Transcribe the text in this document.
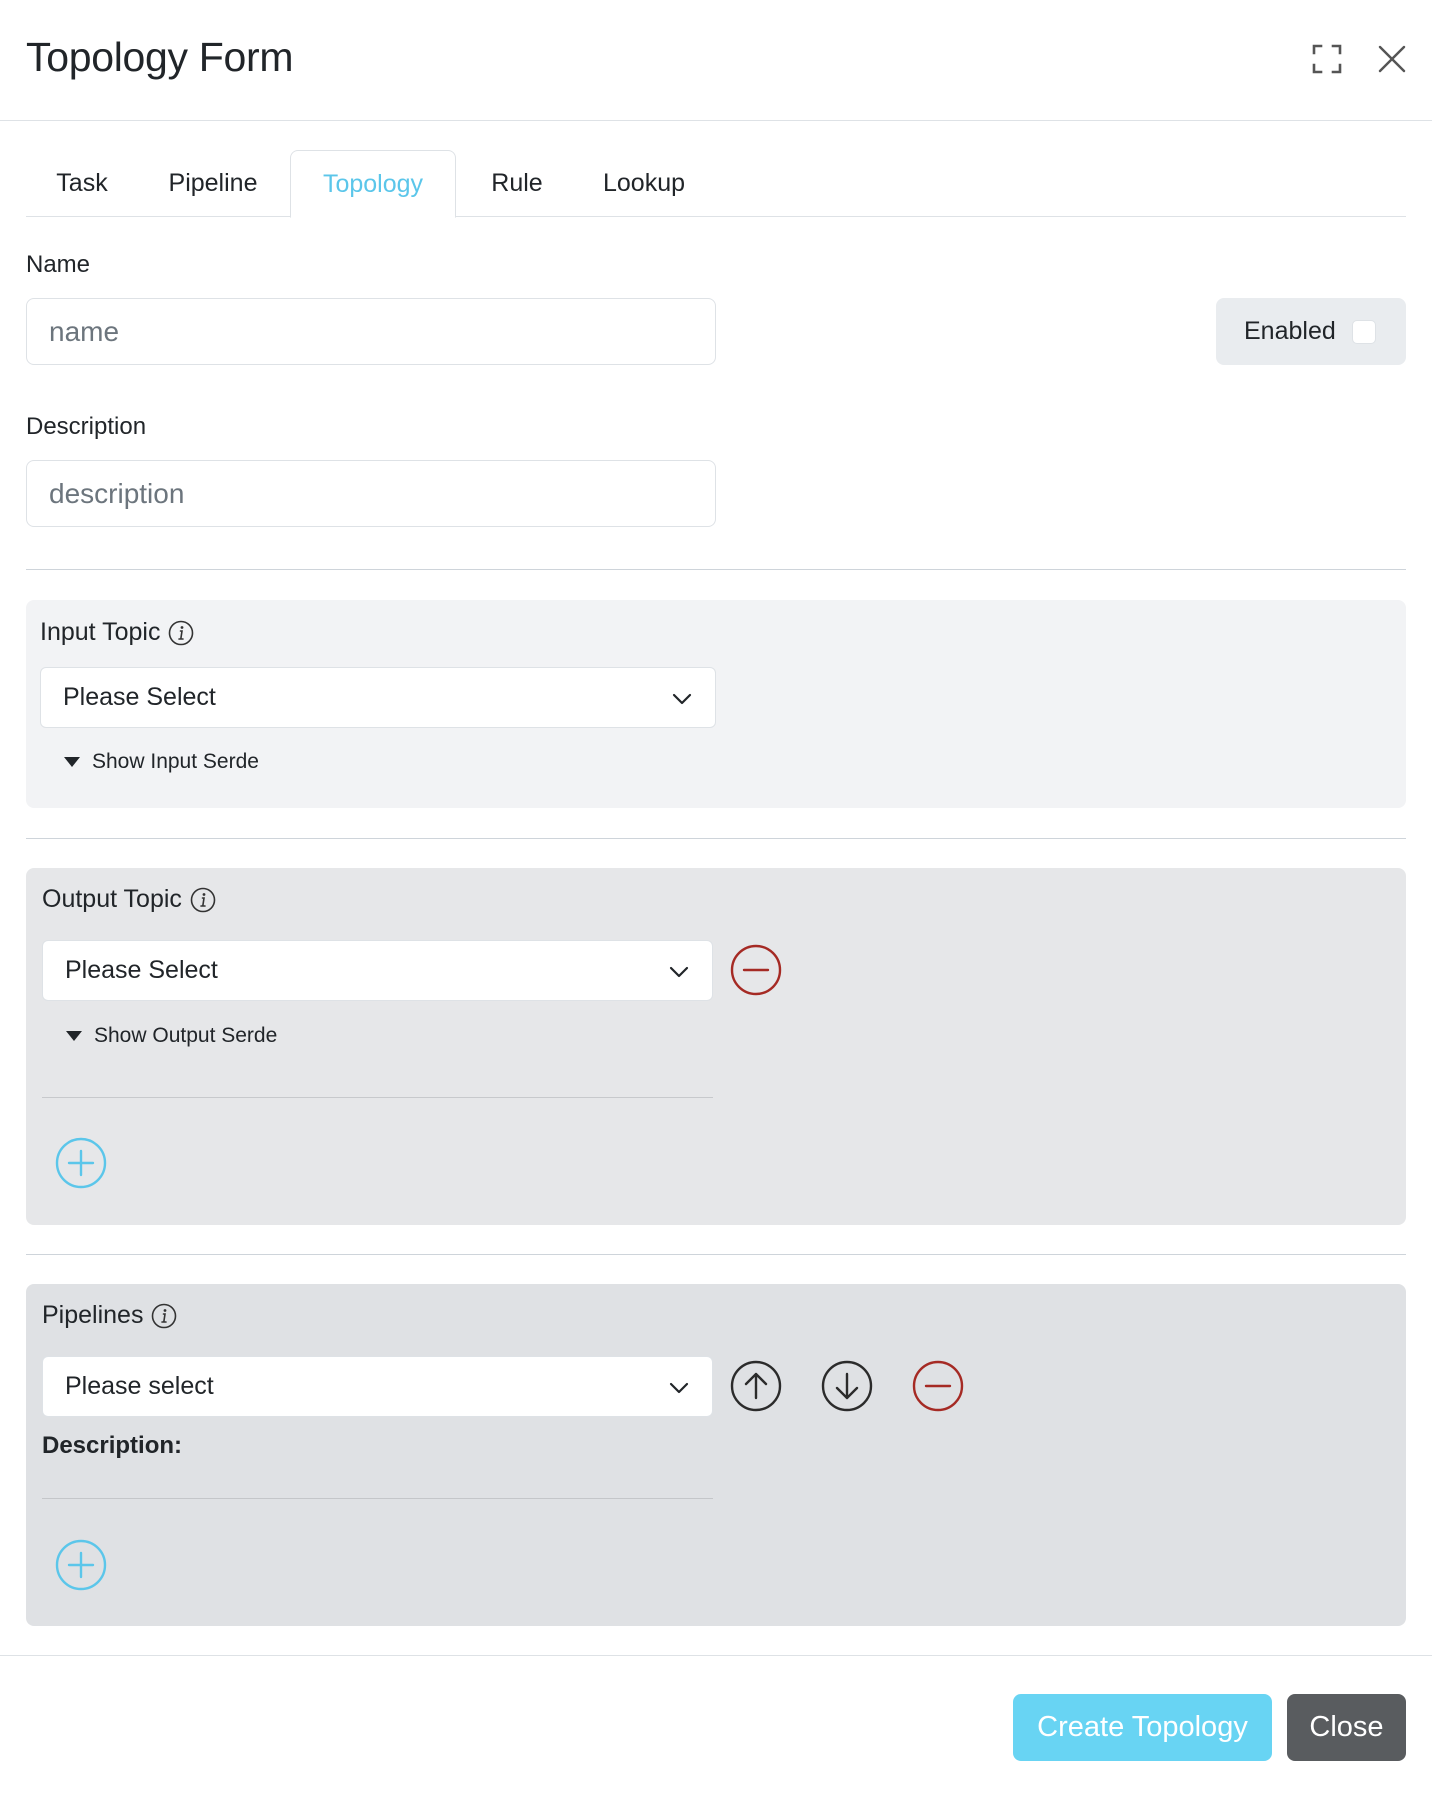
Topology Form
Task	Pipeline	Topology	Rule	Lookup
Name
name	Enabled
Description
description
Input Topic
Please Select
Show Input Serde
Output Topic
Please Select
Show Output Serde
Pipelines
Please select
Description:
Create Topology	Close
